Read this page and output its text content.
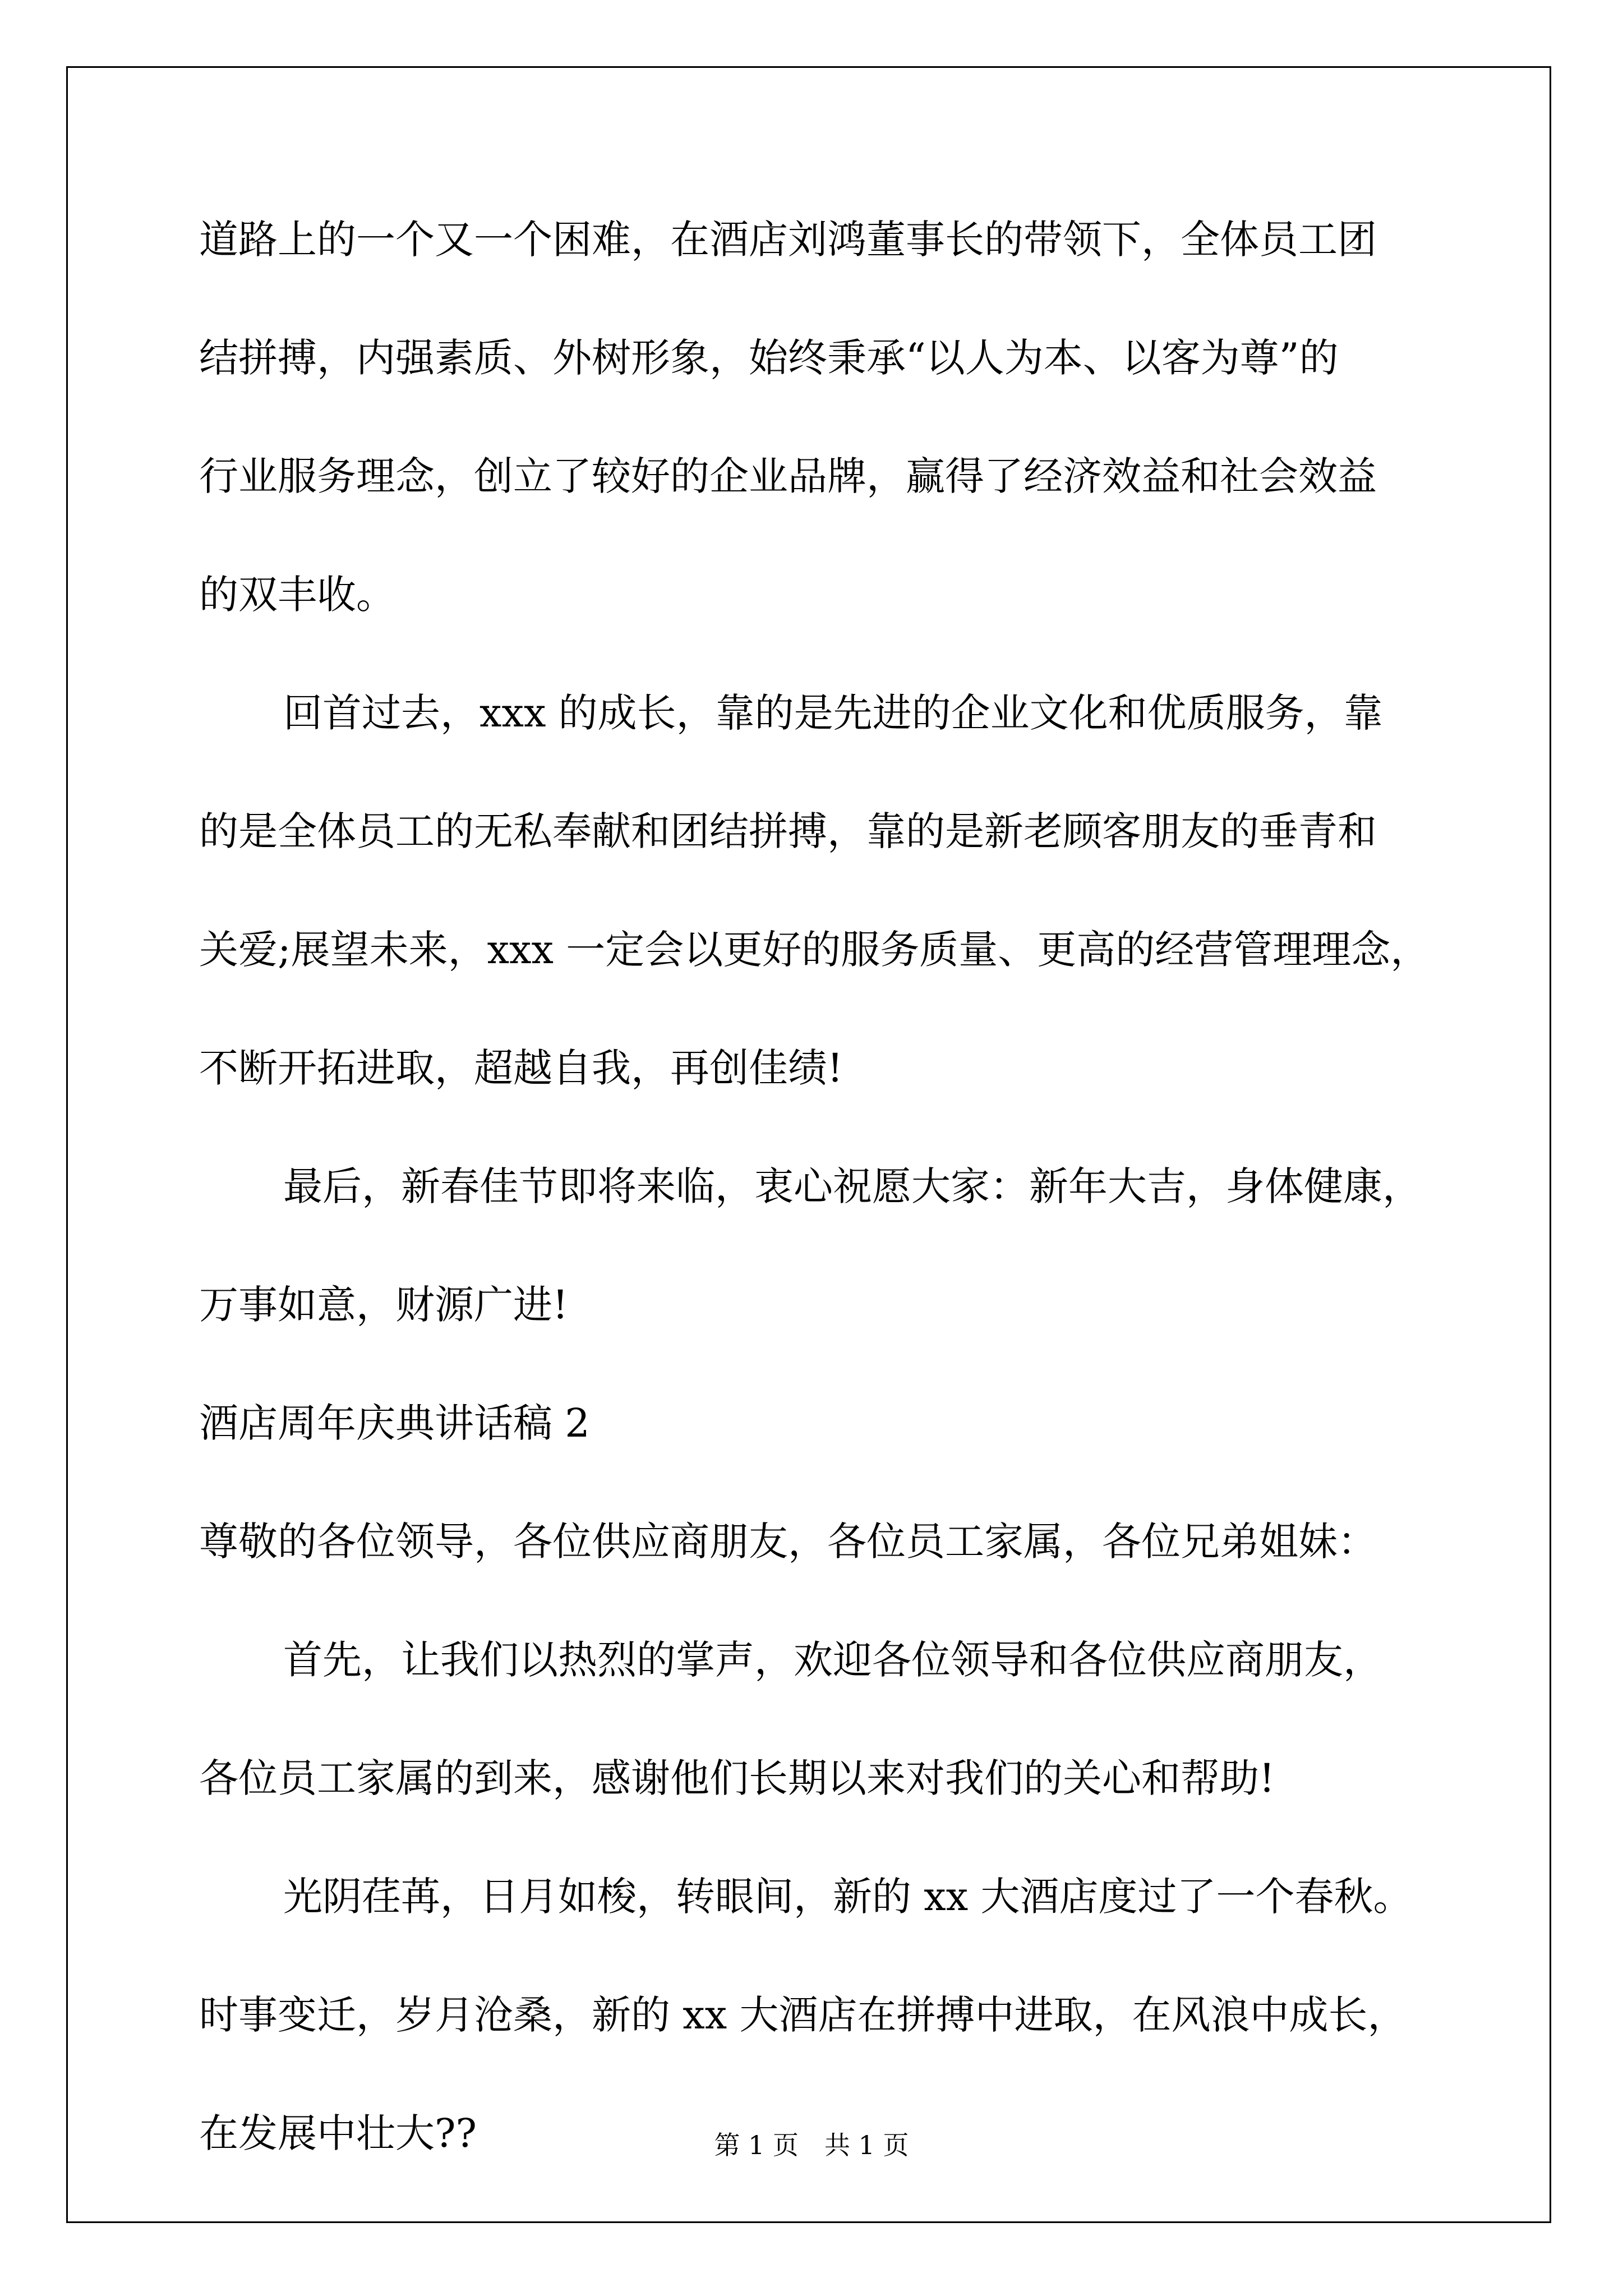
道路上的一个又一个困难，在酒店刘鸿董事长的带领下，全体员工团
结拼搏，内强素质、外树形象，始终秉承“以人为本、以客为尊”的
行业服务理念，创立了较好的企业品牌，赢得了经济效益和社会效益
的双丰收。
回首过去，xxx 的成长，靠的是先进的企业文化和优质服务，靠
的是全体员工的无私奉献和团结拼搏，靠的是新老顾客朋友的垂青和
关爱;展望未来，xxx 一定会以更好的服务质量、更高的经营管理理念，
不断开拓进取，超越自我，再创佳绩!
最后，新春佳节即将来临，衷心祝愿大家：新年大吉，身体健康，
万事如意，财源广进!
酒店周年庆典讲话稿 2
尊敬的各位领导，各位供应商朋友，各位员工家属，各位兄弟姐妹：
首先，让我们以热烈的掌声，欢迎各位领导和各位供应商朋友，
各位员工家属的到来，感谢他们长期以来对我们的关心和帮助!
光阴荏苒，日月如梭，转眼间，新的 xx 大酒店度过了一个春秋。
时事变迁，岁月沧桑，新的 xx 大酒店在拼搏中进取，在风浪中成长，
在发展中壮大??	第 1 页　共 1 页
